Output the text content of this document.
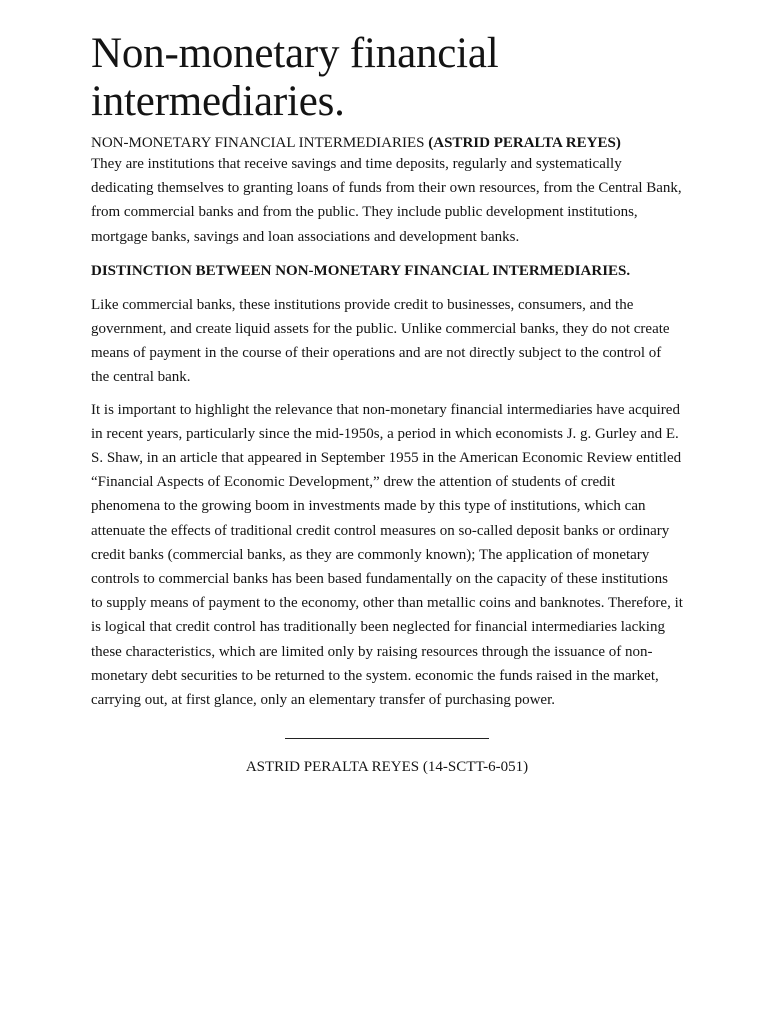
Non-monetary financial intermediaries.

NON-MONETARY FINANCIAL INTERMEDIARIES (ASTRID PERALTA REYES)

They are institutions that receive savings and time deposits, regularly and systematically dedicating themselves to granting loans of funds from their own resources, from the Central Bank, from commercial banks and from the public. They include public development institutions, mortgage banks, savings and loan associations and development banks.

DISTINCTION BETWEEN NON-MONETARY FINANCIAL INTERMEDIARIES.

Like commercial banks, these institutions provide credit to businesses, consumers, and the government, and create liquid assets for the public. Unlike commercial banks, they do not create means of payment in the course of their operations and are not directly subject to the control of the central bank.

It is important to highlight the relevance that non-monetary financial intermediaries have acquired in recent years, particularly since the mid-1950s, a period in which economists J. g. Gurley and E. S. Shaw, in an article that appeared in September 1955 in the American Economic Review entitled “Financial Aspects of Economic Development,” drew the attention of students of credit phenomena to the growing boom in investments made by this type of institutions, which can attenuate the effects of traditional credit control measures on so-called deposit banks or ordinary credit banks (commercial banks, as they are commonly known); The application of monetary controls to commercial banks has been based fundamentally on the capacity of these institutions to supply means of payment to the economy, other than metallic coins and banknotes. Therefore, it is logical that credit control has traditionally been neglected for financial intermediaries lacking these characteristics, which are limited only by raising resources through the issuance of non-monetary debt securities to be returned to the system. economic the funds raised in the market, carrying out, at first glance, only an elementary transfer of purchasing power.

ASTRID PERALTA REYES (14-SCTT-6-051)
